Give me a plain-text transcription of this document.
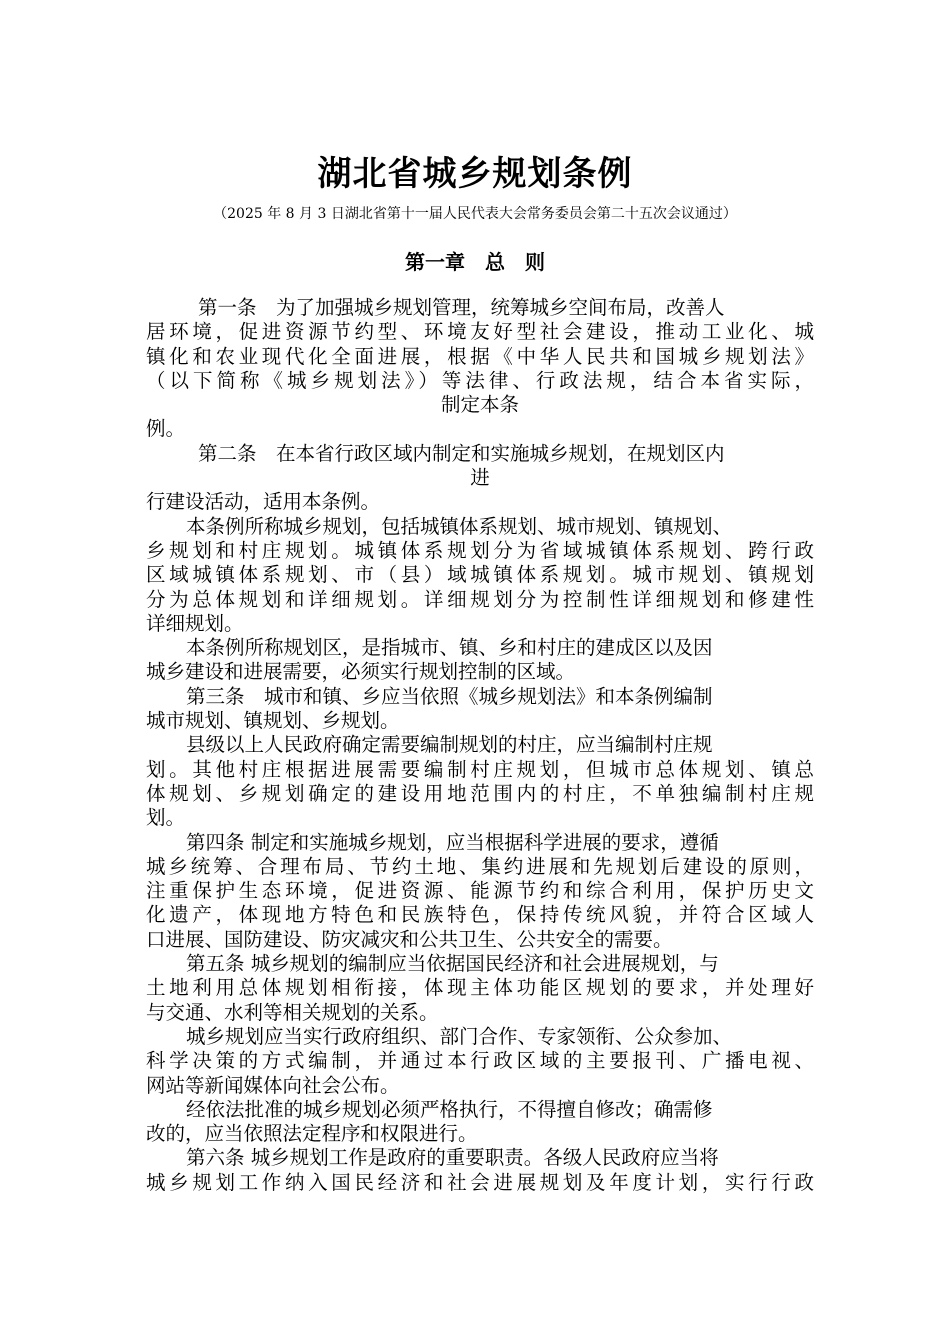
湖北省城乡规划条例
（2025 年 8 月 3 日湖北省第十一届人民代表大会常务委员会第二十五次会议通过）
第一章　总　则
第一条　为了加强城乡规划管理，统筹城乡空间布局，改善人
居环境，促进资源节约型、环境友好型社会建设，推动工业化、城
镇化和农业现代化全面进展，根据《中华人民共和国城乡规划法》
（以下简称《城乡规划法》）等法律、行政法规，结合本省实际，
制定本条
例。
第二条　在本省行政区域内制定和实施城乡规划，在规划区内
进
行建设活动，适用本条例。
本条例所称城乡规划，包括城镇体系规划、城市规划、镇规划、
乡规划和村庄规划。城镇体系规划分为省域城镇体系规划、跨行政
区域城镇体系规划、市（县）域城镇体系规划。城市规划、镇规划
分为总体规划和详细规划。详细规划分为控制性详细规划和修建性
详细规划。
本条例所称规划区，是指城市、镇、乡和村庄的建成区以及因
城乡建设和进展需要，必须实行规划控制的区域。
第三条　城市和镇、乡应当依照《城乡规划法》和本条例编制
城市规划、镇规划、乡规划。
县级以上人民政府确定需要编制规划的村庄，应当编制村庄规
划。其他村庄根据进展需要编制村庄规划，但城市总体规划、镇总
体规划、乡规划确定的建设用地范围内的村庄，不单独编制村庄规
划。
第四条 制定和实施城乡规划，应当根据科学进展的要求，遵循
城乡统筹、合理布局、节约土地、集约进展和先规划后建设的原则，
注重保护生态环境，促进资源、能源节约和综合利用，保护历史文
化遗产，体现地方特色和民族特色，保持传统风貌，并符合区域人
口进展、国防建设、防灾减灾和公共卫生、公共安全的需要。
第五条 城乡规划的编制应当依据国民经济和社会进展规划，与
土地利用总体规划相衔接，体现主体功能区规划的要求，并处理好
与交通、水利等相关规划的关系。
城乡规划应当实行政府组织、部门合作、专家领衔、公众参加、
科学决策的方式编制，并通过本行政区域的主要报刊、广播电视、
网站等新闻媒体向社会公布。
经依法批准的城乡规划必须严格执行，不得擅自修改；确需修
改的，应当依照法定程序和权限进行。
第六条 城乡规划工作是政府的重要职责。各级人民政府应当将
城乡规划工作纳入国民经济和社会进展规划及年度计划，实行行政
